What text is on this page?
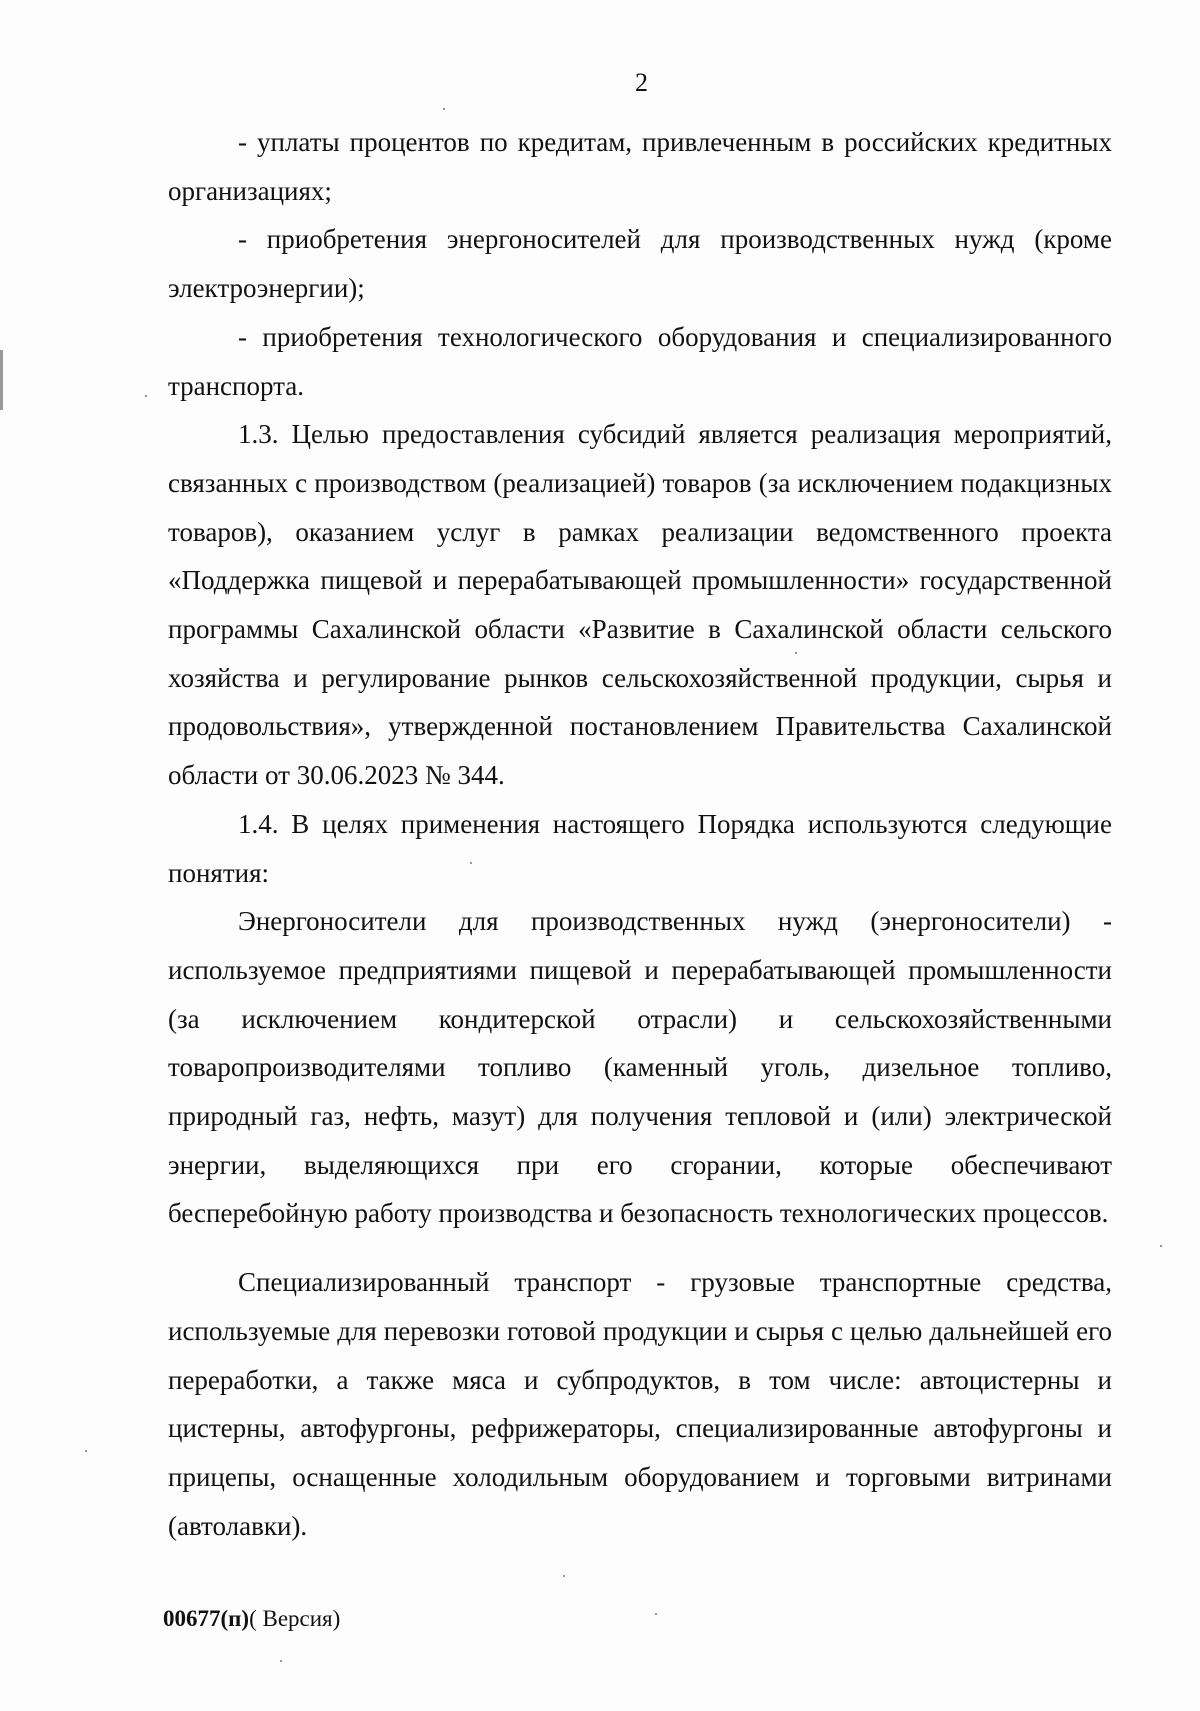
2

- уплаты процентов по кредитам, привлеченным в российских кредитных организациях;

- приобретения энергоносителей для производственных нужд (кроме электроэнергии);

- приобретения технологического оборудования и специализированного транспорта.

1.3. Целью предоставления субсидий является реализация мероприятий, связанных с производством (реализацией) товаров (за исключением подакцизных товаров), оказанием услуг в рамках реализации ведомственного проекта «Поддержка пищевой и перерабатывающей промышленности» государственной программы Сахалинской области «Развитие в Сахалинской области сельского хозяйства и регулирование рынков сельскохозяйственной продукции, сырья и продовольствия», утвержденной постановлением Правительства Сахалинской области от 30.06.2023 № 344.

1.4. В целях применения настоящего Порядка используются следующие понятия:

Энергоносители для производственных нужд (энергоносители) - используемое предприятиями пищевой и перерабатывающей промышленности (за исключением кондитерской отрасли) и сельскохозяйственными товаропроизводителями топливо (каменный уголь, дизельное топливо, природный газ, нефть, мазут) для получения тепловой и (или) электрической энергии, выделяющихся при его сгорании, которые обеспечивают бесперебойную работу производства и безопасность технологических процессов.

Специализированный транспорт - грузовые транспортные средства, используемые для перевозки готовой продукции и сырья с целью дальнейшей его переработки, а также мяса и субпродуктов, в том числе: автоцистерны и цистерны, автофургоны, рефрижераторы, специализированные автофургоны и прицепы, оснащенные холодильным оборудованием и торговыми витринами (автолавки).

00677(п)( Версия)
